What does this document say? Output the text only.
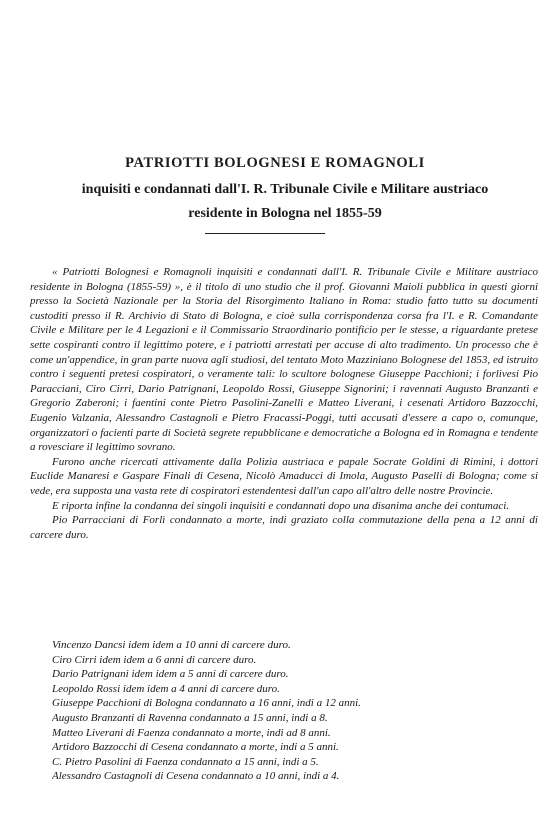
PATRIOTTI BOLOGNESI E ROMAGNOLI
inquisiti e condannati dall'I. R. Tribunale Civile e Militare austriaco
residente in Bologna nel 1855-59

« Patriotti Bolognesi e Romagnoli inquisiti e condannati dall'I. R. Tribunale Civile e Militare austriaco residente in Bologna (1855-59) », è il titolo di uno studio che il prof. Giovanni Maioli pubblica in questi giorni presso la Società Nazionale per la Storia del Risorgimento Italiano in Roma: studio fatto tutto su documenti custoditi presso il R. Archivio di Stato di Bologna, e cioè sulla corrispondenza corsa fra l'I. e R. Comandante Civile e Militare per le 4 Legazioni e il Commissario Straordinario pontificio per le stesse, a riguardante pretese sette cospiranti contro il legittimo potere, e i patriotti arrestati per accuse di alto tradimento. Un processo che è come un'appendice, in gran parte nuova agli studiosi, del tentato Moto Mazziniano Bolognese del 1853, ed istruito contro i seguenti pretesi cospiratori, o veramente tali: lo scultore bolognese Giuseppe Pacchioni; i forlivesi Pio Paracciani, Ciro Cirri, Dario Patrignani, Leopoldo Rossi, Giuseppe Signorini; i ravennati Augusto Branzanti e Gregorio Zaberoni; i faentini conte Pietro Pasolini-Zanelli e Matteo Liverani, i cesenati Artidoro Bazzocchi, Eugenio Valzania, Alessandro Castagnoli e Pietro Fracassi-Poggi, tutti accusati d'essere a capo o, comunque, organizzatori o facienti parte di Società segrete repubblicane e democratiche a Bologna ed in Romagna e tendente a rovesciare il legittimo sovrano.

Furono anche ricercati attivamente dalla Polizia austriaca e papale Socrate Goldini di Rimini, i dottori Euclide Manaresi e Gaspare Finali di Cesena, Nicolò Amaducci di Imola, Augusto Paselli di Bologna; come si vede, era supposta una vasta rete di cospiratori estendentesi dall'un capo all'altro delle nostre Provincie.

E riporta infine la condanna dei singoli inquisiti e condannati dopo una disanima anche dei contumaci.

Pio Parracciani di Forlì condannato a morte, indi graziato colla commutazione della pena a 12 anni di carcere duro.

Vincenzo Dancsi idem idem a 10 anni di carcere duro.
Ciro Cirri idem idem a 6 anni di carcere duro.
Dario Patrignani idem idem a 5 anni di carcere duro.
Leopoldo Rossi idem idem a 4 anni di carcere duro.
Giuseppe Pacchioni di Bologna condannato a 16 anni, indi a 12 anni.
Augusto Branzanti di Ravenna condannato a 15 anni, indi a 8.
Matteo Liverani di Faenza condannato a morte, indi ad 8 anni.
Artidoro Bazzocchi di Cesena condannato a morte, indi a 5 anni.
C. Pietro Pasolini di Faenza condannato a 15 anni, indi a 5.
Alessandro Castagnoli di Cesena condannato a 10 anni, indi a 4.
